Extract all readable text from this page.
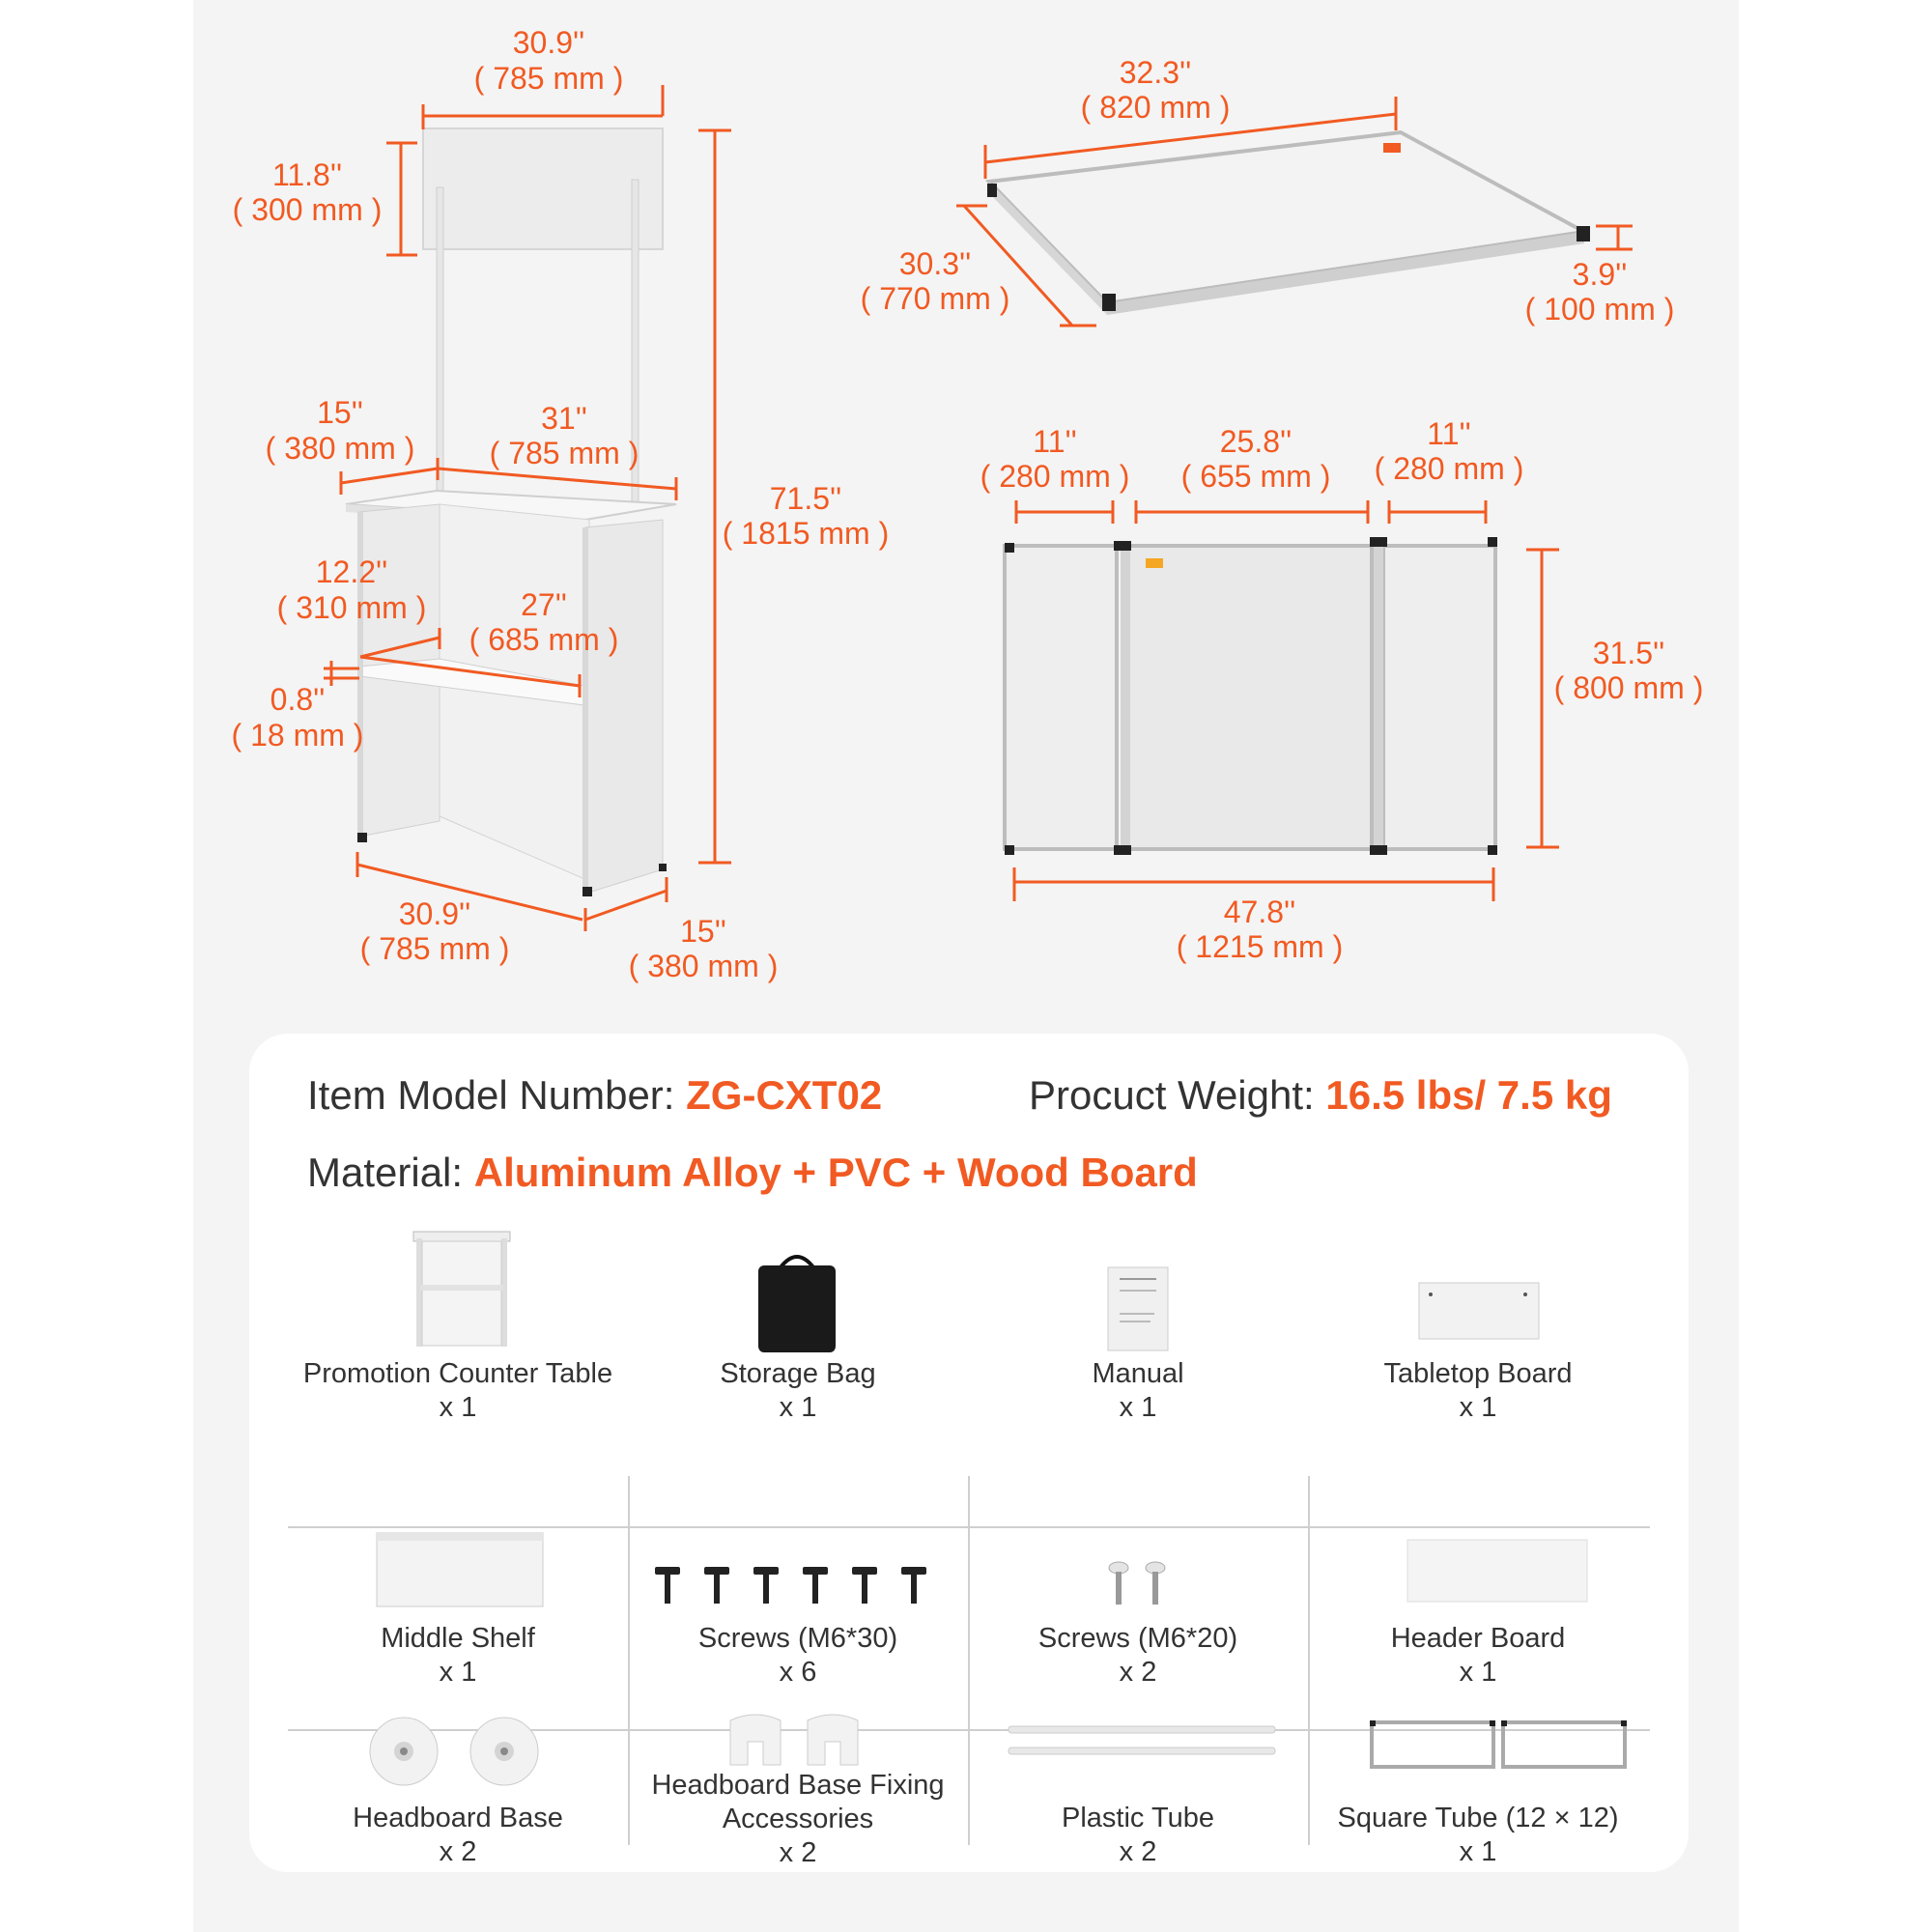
30.9'' ( 785 mm )
11.8'' ( 300 mm )
71.5'' ( 1815 mm )
15'' ( 380 mm )
31'' ( 785 mm )
12.2'' ( 310 mm )	27'' ( 685 mm )
0.8'' ( 18 mm )
30.9'' ( 785 mm )	15'' ( 380 mm )
32.3'' ( 820 mm )
30.3'' ( 770 mm )
3.9'' ( 100 mm )
11'' ( 280 mm )
25.8'' ( 655 mm )
11'' ( 280 mm )
31.5'' ( 800 mm )
47.8'' ( 1215 mm )
Item Model Number: ZG-CXT02	Procuct Weight: 16.5 lbs/ 7.5 kg
Material: Aluminum Alloy + PVC + Wood Board
Promotion Counter Table
x 1
Storage Bag
x 1
Manual
x 1
Tabletop Board
x 1
Middle Shelf
x 1
Screws (M6*30)
x 6
Screws (M6*20)
x 2
Header Board
x 1
Headboard Base
x 2
Headboard Base Fixing Accessories
x 2
Plastic Tube
x 2
Square Tube (12 × 12)
x 1
